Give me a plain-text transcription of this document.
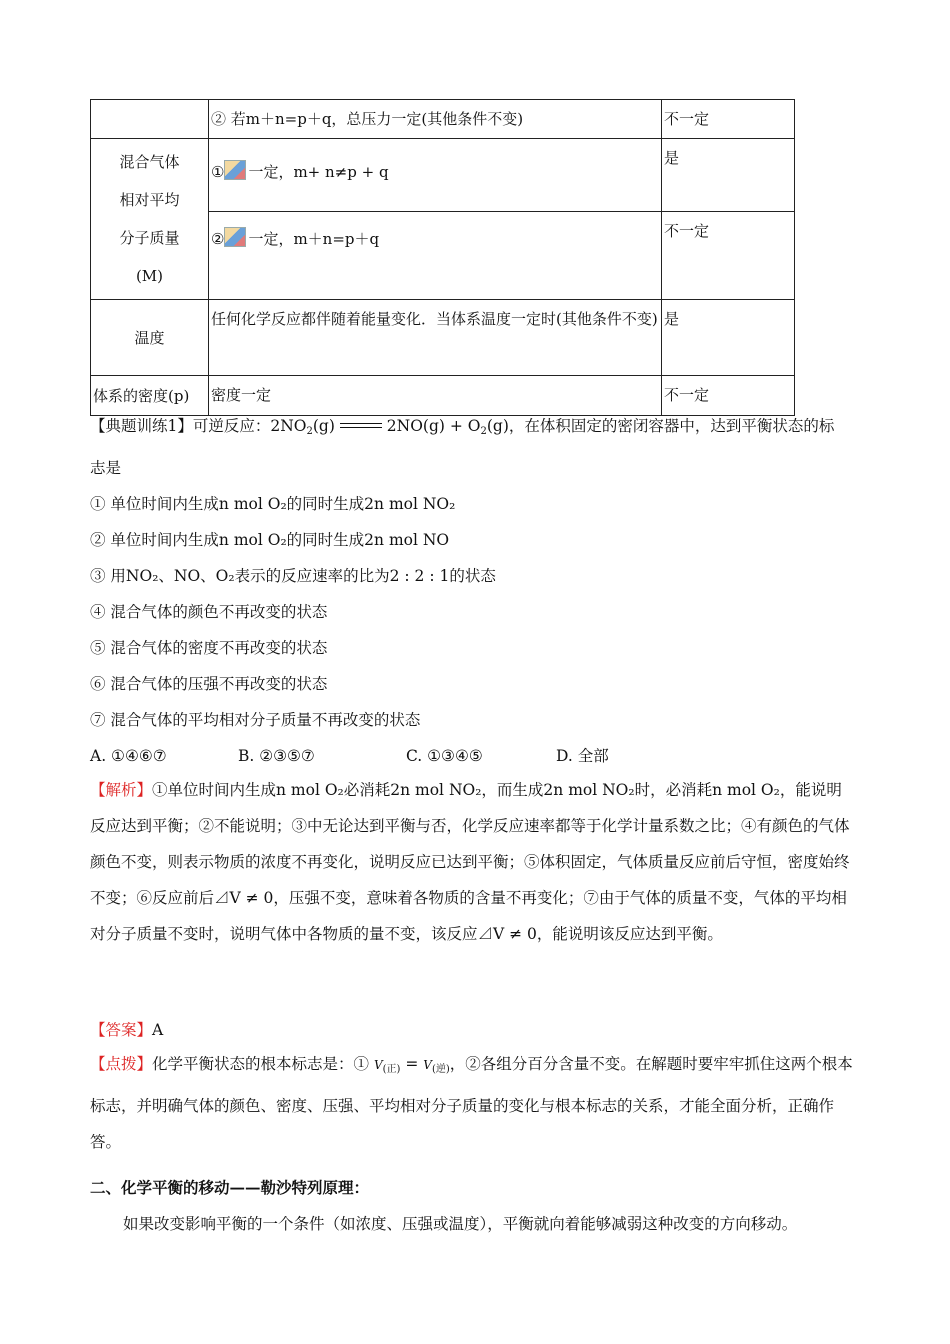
	② 若m＋n=p＋q，总压力一定(其他条件不变)	不一定

混合气体相对平均分子质量(M)	① 一定，m+ n≠p + q	是
	② 一定，m＋n=p＋q	不一定
温度	任何化学反应都伴随着能量变化．当体系温度一定时(其他条件不变)	是
体系的密度(p)	密度一定	不一定
【典题训练1】可逆反应：$2NO_2(g)$	$2NO(g) + O_2(g)$，在体积固定的密闭容器中，达到平衡状态的标
志是
① 单位时间内生成n mol O₂的同时生成2n mol NO₂
② 单位时间内生成n mol O₂的同时生成2n mol NO
③ 用NO₂、NO、O₂表示的反应速率的比为2 : 2 : 1的状态
④ 混合气体的颜色不再改变的状态
⑤ 混合气体的密度不再改变的状态
⑥ 混合气体的压强不再改变的状态
⑦ 混合气体的平均相对分子质量不再改变的状态
A. ①④⑥⑦	B. ②③⑤⑦	C. ①③④⑤	D. 全部
【解析】①单位时间内生成n mol O₂必消耗2n mol NO₂，而生成2n mol NO₂时，必消耗n mol O₂，能说明反应达到平衡；②不能说明；③中无论达到平衡与否，化学反应速率都等于化学计量系数之比；④有颜色的气体颜色不变，则表示物质的浓度不再变化，说明反应已达到平衡；⑤体积固定，气体质量反应前后守恒，密度始终不变；⑥反应前后⊿V ≠ 0，压强不变，意味着各物质的含量不再变化；⑦由于气体的质量不变，气体的平均相对分子质量不变时，说明气体中各物质的量不变，该反应⊿V ≠ 0，能说明该反应达到平衡。
【答案】A
【点拨】化学平衡状态的根本标志是：① $V_{(正)} = V_{(逆)}$，②各组分百分含量不变。在解题时要牢牢抓住这两个根本标志，并明确气体的颜色、密度、压强、平均相对分子质量的变化与根本标志的关系，才能全面分析，正确作答。
二、化学平衡的移动——勒沙特列原理：
如果改变影响平衡的一个条件（如浓度、压强或温度），平衡就向着能够减弱这种改变的方向移动。
